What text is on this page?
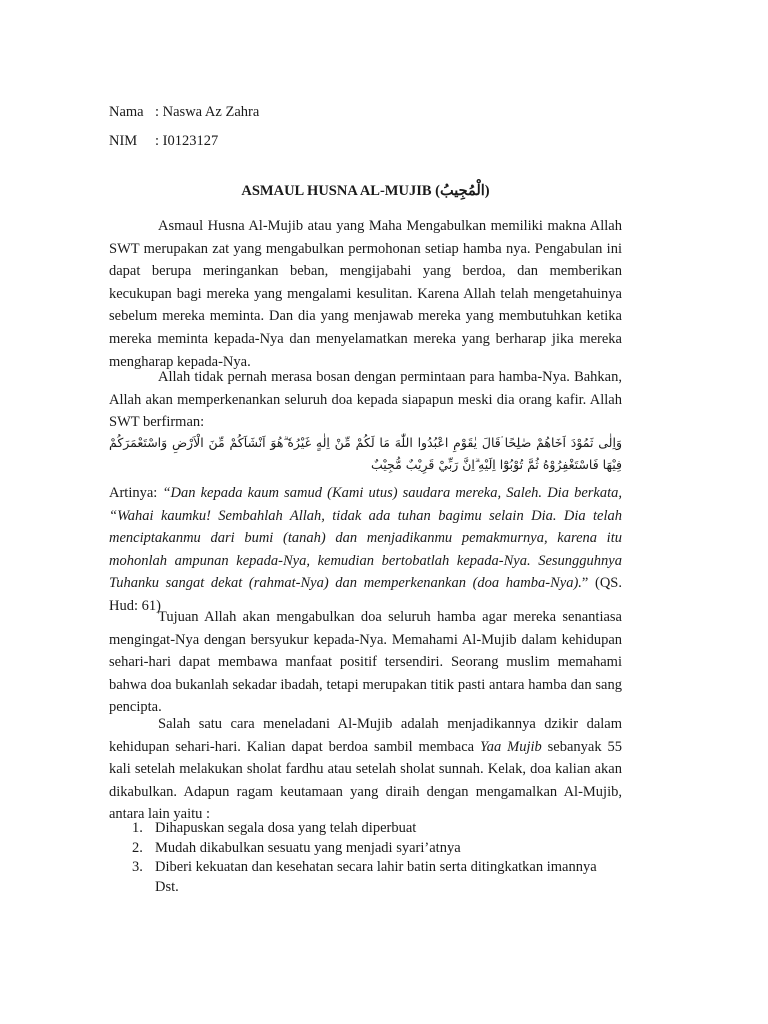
Nama : Naswa Az Zahra
NIM : I0123127
ASMAUL HUSNA AL-MUJIB (الْمُجِيبُ)

Asmaul Husna Al-Mujib atau yang Maha Mengabulkan memiliki makna Allah SWT merupakan zat yang mengabulkan permohonan setiap hamba nya. Pengabulan ini dapat berupa meringankan beban, mengijabahi yang berdoa, dan memberikan kecukupan bagi mereka yang mengalami kesulitan. Karena Allah telah mengetahuinya sebelum mereka meminta. Dan dia yang menjawab mereka yang membutuhkan ketika mereka meminta kepada-Nya dan menyelamatkan mereka yang berharap jika mereka mengharap kepada-Nya.

Allah tidak pernah merasa bosan dengan permintaan para hamba-Nya. Bahkan, Allah akan memperkenankan seluruh doa kepada siapapun meski dia orang kafir. Allah SWT berfirman:

وَاِلٰى ثَمُوْدَ اَخَاهُمْ صٰلِحًا ۘقَالَ يٰقَوْمِ اعْبُدُوا اللّٰهَ مَا لَكُمْ مِّنْ اِلٰهٍ غَيْرُهٗ ۗهُوَ اَنْشَاَكُمْ مِّنَ الْاَرْضِ وَاسْتَعْمَرَكُمْ فِيْهَا فَاسْتَغْفِرُوْهُ ثُمَّ تُوْبُوْٓا اِلَيْهِ ۗاِنَّ رَبِّيْ قَرِيْبٌ مُّجِيْبٌ

Artinya: “Dan kepada kaum samud (Kami utus) saudara mereka, Saleh. Dia berkata, “Wahai kaumku! Sembahlah Allah, tidak ada tuhan bagimu selain Dia. Dia telah menciptakanmu dari bumi (tanah) dan menjadikanmu pemakmurnya, karena itu mohonlah ampunan kepada-Nya, kemudian bertobatlah kepada-Nya. Sesungguhnya Tuhanku sangat dekat (rahmat-Nya) dan memperkenankan (doa hamba-Nya).” (QS. Hud: 61)

Tujuan Allah akan mengabulkan doa seluruh hamba agar mereka senantiasa mengingat-Nya dengan bersyukur kepada-Nya. Memahami Al-Mujib dalam kehidupan sehari-hari dapat membawa manfaat positif tersendiri. Seorang muslim memahami bahwa doa bukanlah sekadar ibadah, tetapi merupakan titik pasti antara hamba dan sang pencipta.

Salah satu cara meneladani Al-Mujib adalah menjadikannya dzikir dalam kehidupan sehari-hari. Kalian dapat berdoa sambil membaca Yaa Mujib sebanyak 55 kali setelah melakukan sholat fardhu atau setelah sholat sunnah. Kelak, doa kalian akan dikabulkan. Adapun ragam keutamaan yang diraih dengan mengamalkan Al-Mujib, antara lain yaitu :

1. Dihapuskan segala dosa yang telah diperbuat
2. Mudah dikabulkan sesuatu yang menjadi syari’atnya
3. Diberi kekuatan dan kesehatan secara lahir batin serta ditingkatkan imannya Dst.
